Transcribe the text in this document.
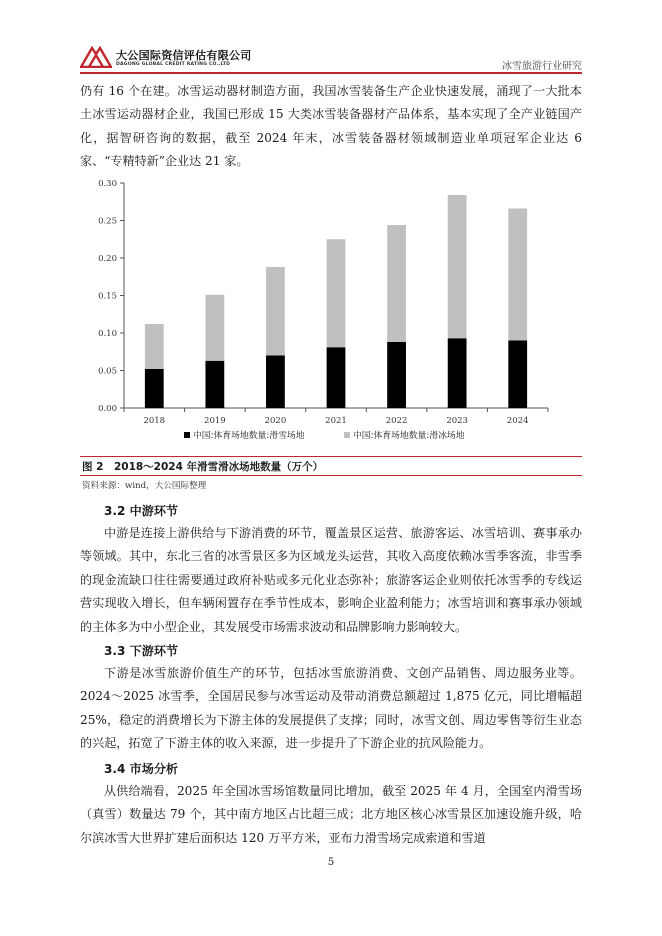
大公国际资信评估有限公司
DAGONG GLOBAL CREDIT RATING CO.,LTD	冰雪旅游行业研究

仍有 16 个在建。冰雪运动器材制造方面，我国冰雪装备生产企业快速发展，涌现了一大批本土冰雪运动器材企业，我国已形成 15 大类冰雪装备器材产品体系，基本实现了全产业链国产化，据智研咨询的数据，截至 2024 年末，冰雪装备器材领域制造业单项冠军企业达 6 家、“专精特新”企业达 21 家。

0.00
0.05
0.10
0.15
0.20
0.25
0.30
2018	2019	2020	2021	2022	2023	2024
中国:体育场地数量:滑雪场地	中国:体育场地数量:滑冰场地
图 2　2018～2024 年滑雪滑冰场地数量（万个）
资料来源：wind，大公国际整理
3.2 中游环节

中游是连接上游供给与下游消费的环节，覆盖景区运营、旅游客运、冰雪培训、赛事承办等领域。其中，东北三省的冰雪景区多为区域龙头运营，其收入高度依赖冰雪季客流，非雪季的现金流缺口往往需要通过政府补贴或多元化业态弥补；旅游客运企业则依托冰雪季的专线运营实现收入增长，但车辆闲置存在季节性成本，影响企业盈利能力；冰雪培训和赛事承办领域的主体多为中小型企业，其发展受市场需求波动和品牌影响力影响较大。

3.3 下游环节

下游是冰雪旅游价值生产的环节，包括冰雪旅游消费、文创产品销售、周边服务业等。2024～2025 冰雪季，全国居民参与冰雪运动及带动消费总额超过 1,875 亿元，同比增幅超 25%，稳定的消费增长为下游主体的发展提供了支撑；同时，冰雪文创、周边零售等衍生业态的兴起，拓宽了下游主体的收入来源，进一步提升了下游企业的抗风险能力。

3.4 市场分析

从供给端看，2025 年全国冰雪场馆数量同比增加，截至 2025 年 4 月，全国室内滑雪场（真雪）数量达 79 个，其中南方地区占比超三成；北方地区核心冰雪景区加速设施升级，哈尔滨冰雪大世界扩建后面积达 120 万平方米，亚布力滑雪场完成索道和雪道

5
